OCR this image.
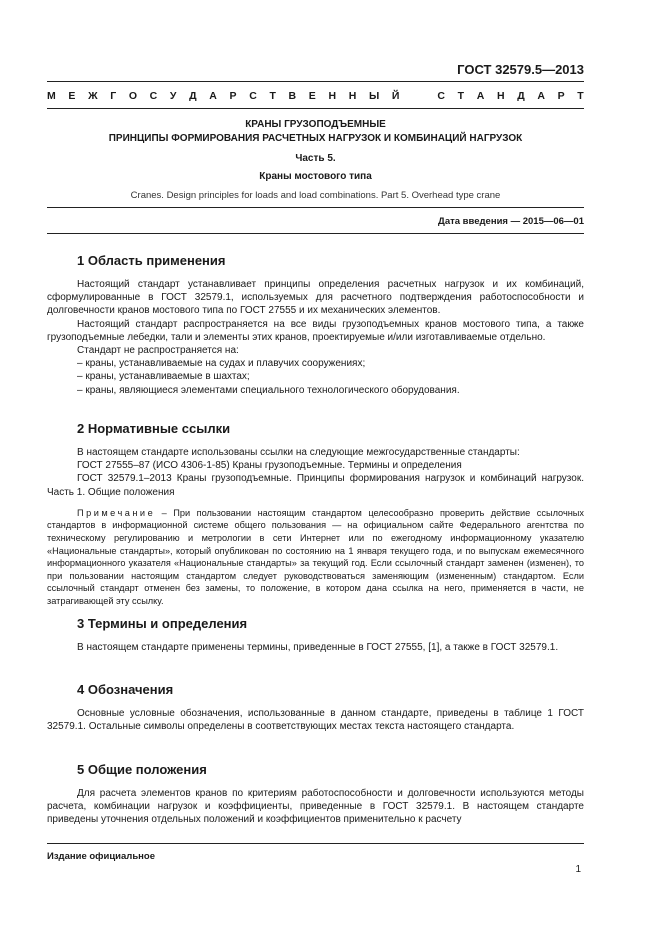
ГОСТ 32579.5—2013
М Е Ж Г О С У Д А Р С Т В Е Н Н Ы Й	С Т А Н Д А Р Т
КРАНЫ ГРУЗОПОДЪЕМНЫЕ
ПРИНЦИПЫ ФОРМИРОВАНИЯ РАСЧЕТНЫХ НАГРУЗОК И КОМБИНАЦИЙ НАГРУЗОК
Часть 5.
Краны мостового типа
Cranes. Design principles for loads and load combinations. Part 5. Overhead type crane
Дата введения — 2015—06—01
1 Область применения

Настоящий стандарт устанавливает принципы определения расчетных нагрузок и их комбинаций, сформулированные в ГОСТ 32579.1, используемых для расчетного подтверждения работоспособности и долговечности кранов мостового типа по ГОСТ 27555 и их механических элементов.

Настоящий стандарт распространяется на все виды грузоподъемных кранов мостового типа, а также грузоподъемные лебедки, тали и элементы этих кранов, проектируемые и/или изготавливаемые отдельно.

Стандарт не распространяется на:

– краны, устанавливаемые на судах и плавучих сооружениях;

– краны, устанавливаемые в шахтах;

– краны, являющиеся элементами специального технологического оборудования.

2 Нормативные ссылки

В настоящем стандарте использованы ссылки на следующие межгосударственные стандарты:

ГОСТ 27555–87 (ИСО 4306-1-85) Краны грузоподъемные. Термины и определения

ГОСТ 32579.1–2013 Краны грузоподъемные. Принципы формирования нагрузок и комбинаций нагрузок. Часть 1. Общие положения

Примечание – При пользовании настоящим стандартом целесообразно проверить действие ссылочных стандартов в информационной системе общего пользования — на официальном сайте Федерального агентства по техническому регулированию и метрологии в сети Интернет или по ежегодному информационному указателю «Национальные стандарты», который опубликован по состоянию на 1 января текущего года, и по выпускам ежемесячного информационного указателя «Национальные стандарты» за текущий год. Если ссылочный стандарт заменен (изменен), то при пользовании настоящим стандартом следует руководствоваться заменяющим (измененным) стандартом. Если ссылочный стандарт отменен без замены, то положение, в котором дана ссылка на него, применяется в части, не затрагивающей эту ссылку.

3 Термины и определения

В настоящем стандарте применены термины, приведенные в ГОСТ 27555, [1], а также в ГОСТ 32579.1.

4 Обозначения

Основные условные обозначения, использованные в данном стандарте, приведены в таблице 1 ГОСТ 32579.1. Остальные символы определены в соответствующих местах текста настоящего стандарта.

5 Общие положения

Для расчета элементов кранов по критериям работоспособности и долговечности используются методы расчета, комбинации нагрузок и коэффициенты, приведенные в ГОСТ 32579.1. В настоящем стандарте приведены уточнения отдельных положений и коэффициентов применительно к расчету

Издание официальное
1
